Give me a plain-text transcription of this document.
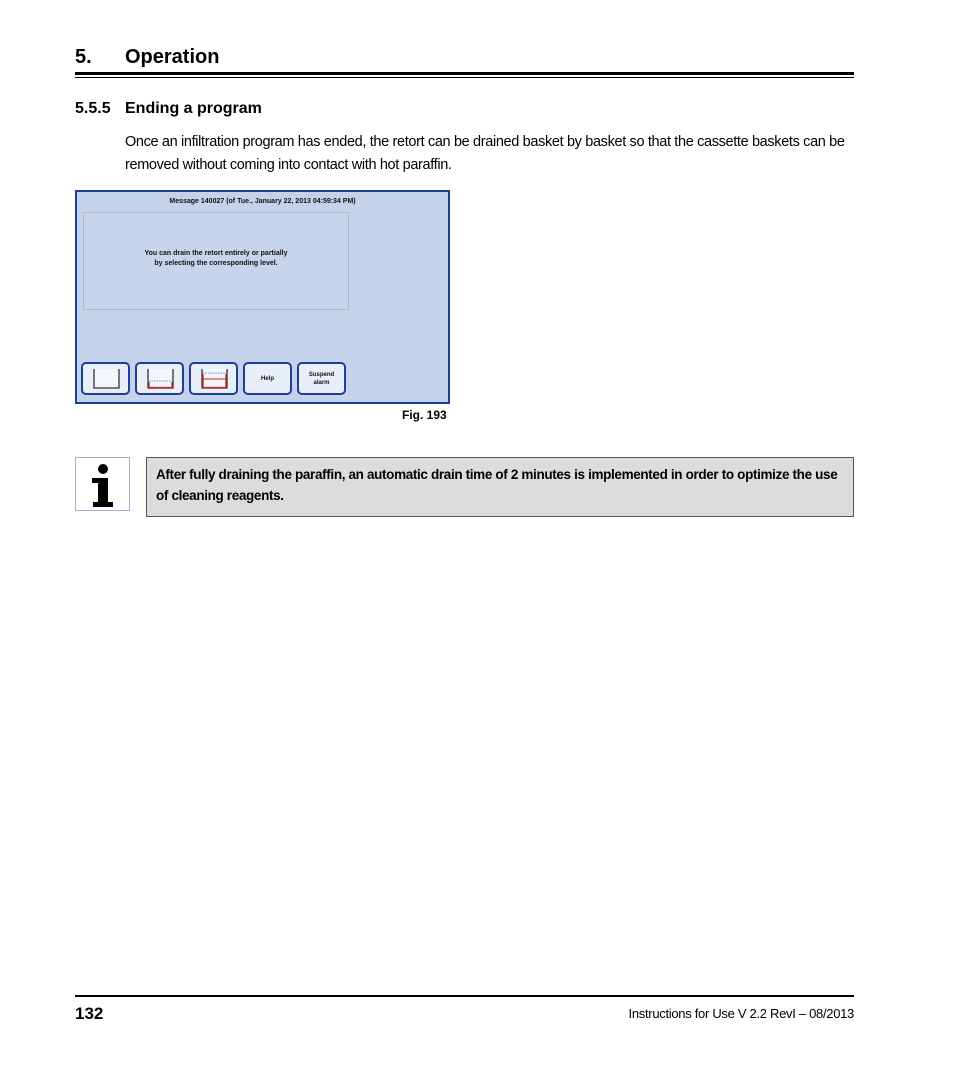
5. Operation
5.5.5 Ending a program
Once an infiltration program has ended, the retort can be drained basket by basket so that the cassette baskets can be removed without coming into contact with hot paraffin.
Message 140027 (of Tue., January 22, 2013 04:59:34 PM)
You can drain the retort entirely or partially
by selecting the corresponding level.
Help
Suspend
alarm
Fig. 193
After fully draining the paraffin, an automatic drain time of 2 minutes is implemented in order to optimize the use of cleaning reagents.
132	Instructions for Use V 2.2 RevI – 08/2013
